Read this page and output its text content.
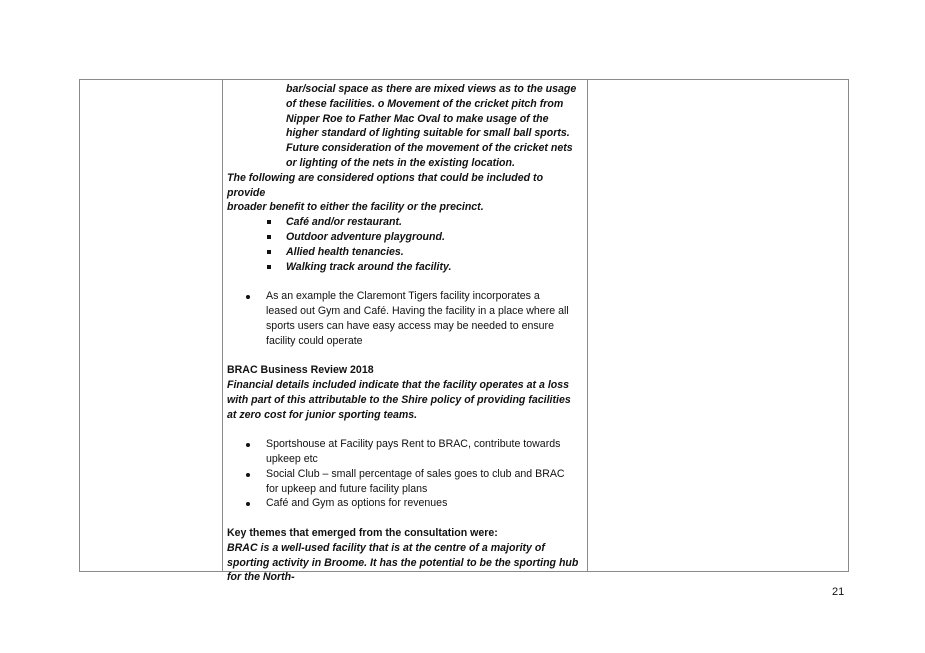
bar/social space as there are mixed views as to the usage

of these facilities. o Movement of the cricket pitch from

Nipper Roe to Father Mac Oval to make usage of the

higher standard of lighting suitable for small ball sports.

Future consideration of the movement of the cricket nets

or lighting of the nets in the existing location.

The following are considered options that could be included to provide

broader benefit to either the facility or the precinct.

Café and/or restaurant.
Outdoor adventure playground.
Allied health tenancies.
Walking track around the facility.
As an example the Claremont Tigers facility incorporates a
leased out Gym and Café. Having the facility in a place where all
sports users can have easy access may be needed to ensure
facility could operate

BRAC Business Review 2018

Financial details included indicate that the facility operates at a loss

with part of this attributable to the Shire policy of providing facilities

at zero cost for junior sporting teams.

Sportshouse at Facility pays Rent to BRAC, contribute towards
upkeep etc
Social Club – small percentage of sales goes to club and BRAC
for upkeep and future facility plans
Café and Gym as options for revenues

Key themes that emerged from the consultation were:

BRAC is a well-used facility that is at the centre of a majority of

sporting activity in Broome. It has the potential to be the sporting hub

for the North-

21
